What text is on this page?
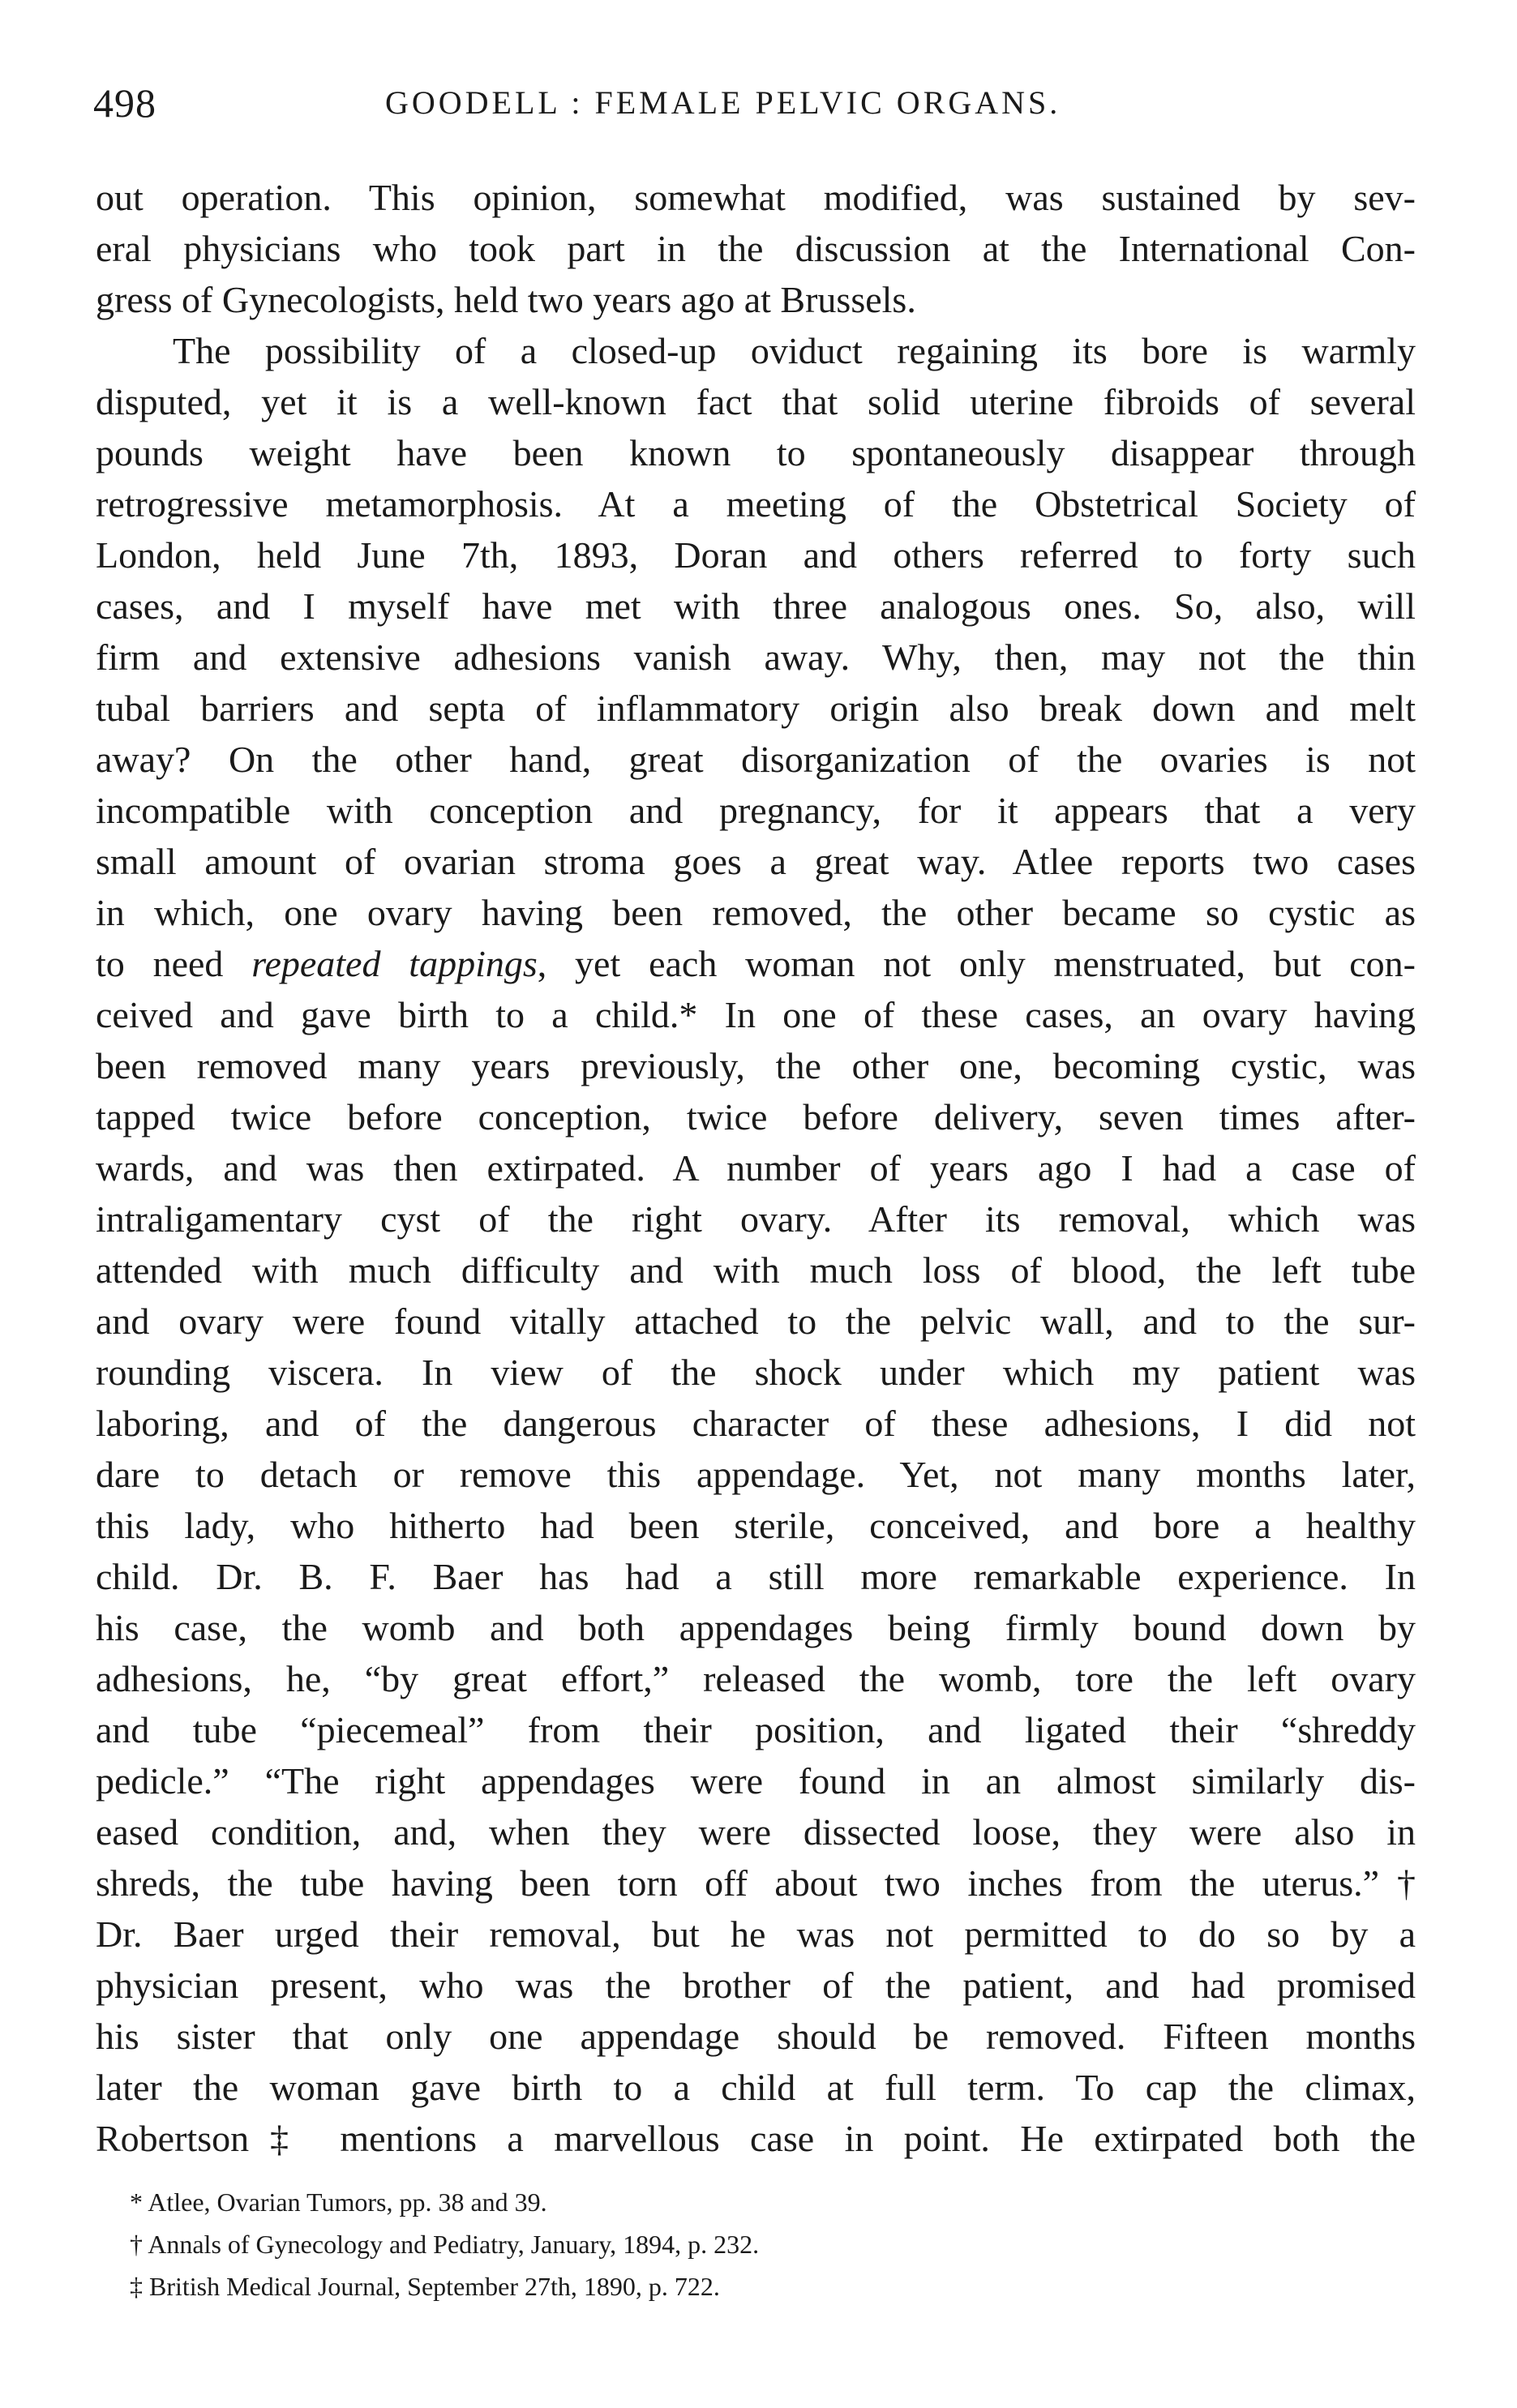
498	GOODELL : FEMALE PELVIC ORGANS.
out operation. This opinion, somewhat modified, was sustained by sev-
eral physicians who took part in the discussion at the International Con-
gress of Gynecologists, held two years ago at Brussels.
The possibility of a closed-up oviduct regaining its bore is warmly
disputed, yet it is a well-known fact that solid uterine fibroids of several
pounds weight have been known to spontaneously disappear through
retrogressive metamorphosis. At a meeting of the Obstetrical Society of
London, held June 7th, 1893, Doran and others referred to forty such
cases, and I myself have met with three analogous ones. So, also, will
firm and extensive adhesions vanish away. Why, then, may not the thin
tubal barriers and septa of inflammatory origin also break down and melt
away? On the other hand, great disorganization of the ovaries is not
incompatible with conception and pregnancy, for it appears that a very
small amount of ovarian stroma goes a great way. Atlee reports two cases
in which, one ovary having been removed, the other became so cystic as
to need repeated tappings, yet each woman not only menstruated, but con-
ceived and gave birth to a child.* In one of these cases, an ovary having
been removed many years previously, the other one, becoming cystic, was
tapped twice before conception, twice before delivery, seven times after-
wards, and was then extirpated. A number of years ago I had a case of
intraligamentary cyst of the right ovary. After its removal, which was
attended with much difficulty and with much loss of blood, the left tube
and ovary were found vitally attached to the pelvic wall, and to the sur-
rounding viscera. In view of the shock under which my patient was
laboring, and of the dangerous character of these adhesions, I did not
dare to detach or remove this appendage. Yet, not many months later,
this lady, who hitherto had been sterile, conceived, and bore a healthy
child. Dr. B. F. Baer has had a still more remarkable experience. In
his case, the womb and both appendages being firmly bound down by
adhesions, he, “by great effort,” released the womb, tore the left ovary
and tube “piecemeal” from their position, and ligated their “shreddy
pedicle.” “The right appendages were found in an almost similarly dis-
eased condition, and, when they were dissected loose, they were also in
shreds, the tube having been torn off about two inches from the uterus.”†
Dr. Baer urged their removal, but he was not permitted to do so by a
physician present, who was the brother of the patient, and had promised
his sister that only one appendage should be removed. Fifteen months
later the woman gave birth to a child at full term. To cap the climax,
Robertson‡ mentions a marvellous case in point. He extirpated both the
* Atlee, Ovarian Tumors, pp. 38 and 39.
† Annals of Gynecology and Pediatry, January, 1894, p. 232.
‡ British Medical Journal, September 27th, 1890, p. 722.
